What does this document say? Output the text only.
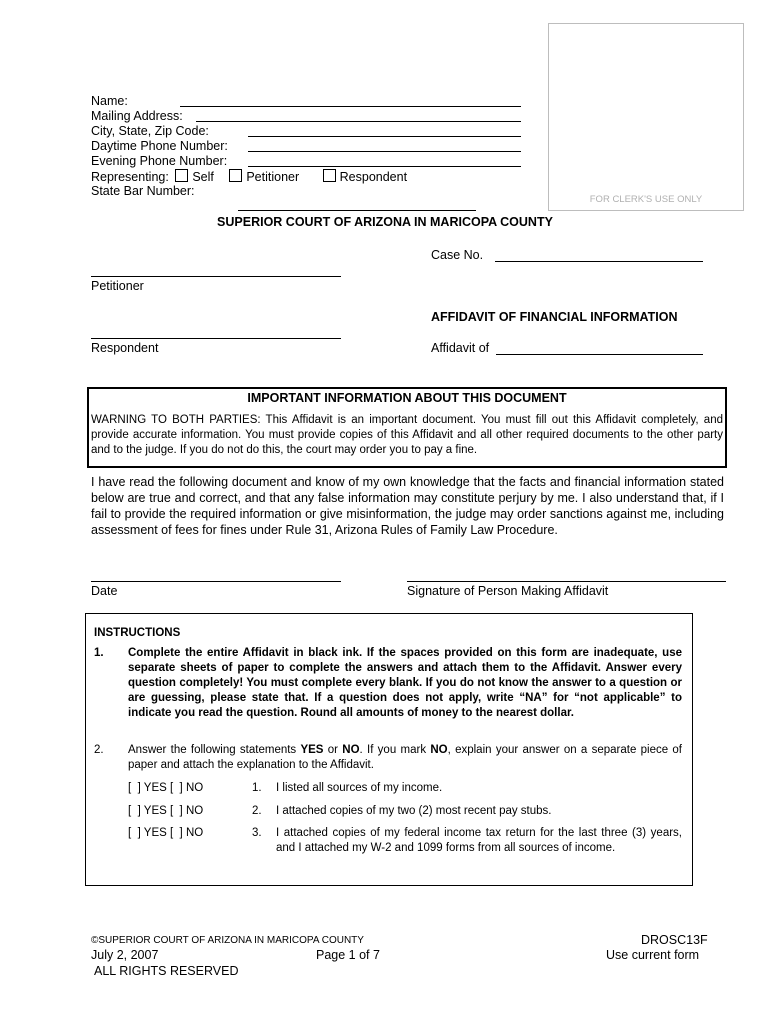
FOR CLERK'S USE ONLY
Name:
Mailing Address:
City, State, Zip Code:
Daytime Phone Number:
Evening Phone Number:
Representing: Self	Petitioner	Respondent
State Bar Number:
SUPERIOR COURT OF ARIZONA IN MARICOPA COUNTY
Case No.
Petitioner
AFFIDAVIT OF FINANCIAL INFORMATION
Respondent	Affidavit of
IMPORTANT INFORMATION ABOUT THIS DOCUMENT
WARNING TO BOTH PARTIES: This Affidavit is an important document. You must fill out this Affidavit completely, and provide accurate information. You must provide copies of this Affidavit and all other required documents to the other party and to the judge. If you do not do this, the court may order you to pay a fine.
I have read the following document and know of my own knowledge that the facts and financial information stated below are true and correct, and that any false information may constitute perjury by me. I also understand that, if I fail to provide the required information or give misinformation, the judge may order sanctions against me, including assessment of fees for fines under Rule 31, Arizona Rules of Family Law Procedure.
Date	Signature of Person Making Affidavit
INSTRUCTIONS
1. Complete the entire Affidavit in black ink. If the spaces provided on this form are inadequate, use separate sheets of paper to complete the answers and attach them to the Affidavit. Answer every question completely! You must complete every blank. If you do not know the answer to a question or are guessing, please state that. If a question does not apply, write “NA” for “not applicable” to indicate you read the question. Round all amounts of money to the nearest dollar.
2. Answer the following statements YES or NO. If you mark NO, explain your answer on a separate piece of paper and attach the explanation to the Affidavit.
[  ] YES [  ] NO	1. I listed all sources of my income.
[  ] YES [  ] NO	2. I attached copies of my two (2) most recent pay stubs.
[  ] YES [  ] NO	3. I attached copies of my federal income tax return for the last three (3) years, and I attached my W-2 and 1099 forms from all sources of income.
©SUPERIOR COURT OF ARIZONA IN MARICOPA COUNTY
July 2, 2007	Page 1 of 7
ALL RIGHTS RESERVED
DROSC13F
Use current form
